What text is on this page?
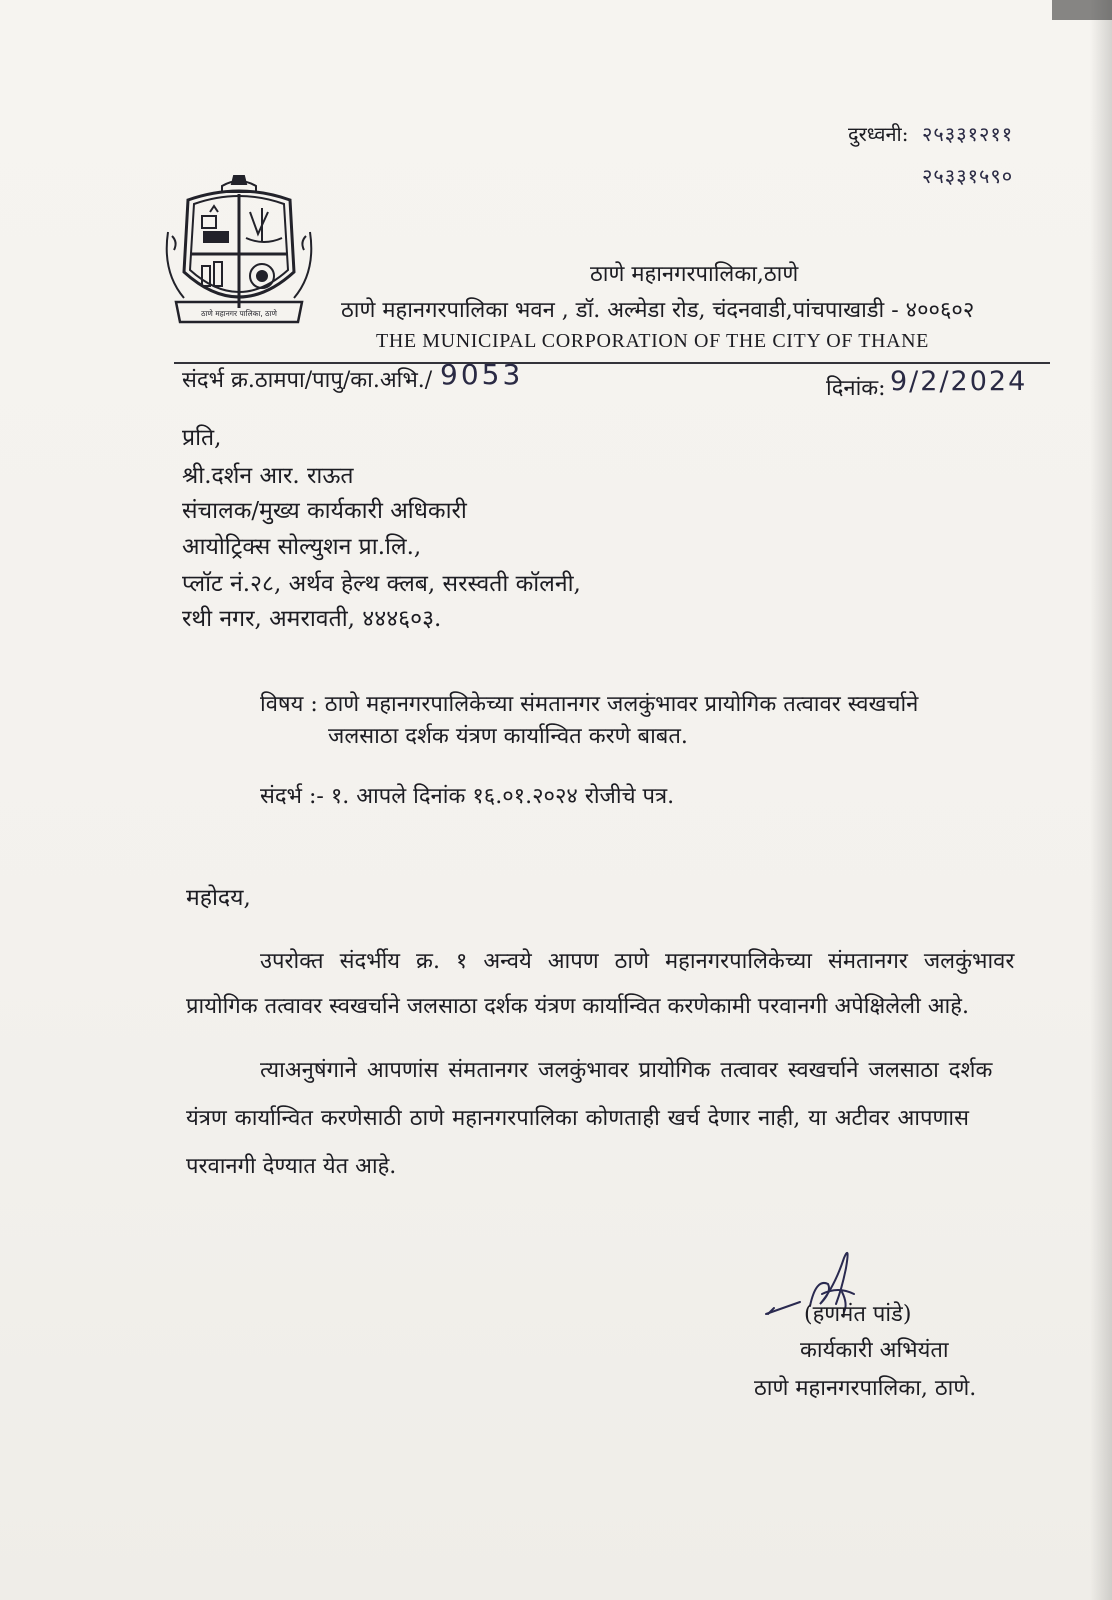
दुरध्वनी: २५३३१२११
२५३३१५९०
ठाणे महानगर पालिका, ठाणे
ठाणे महानगरपालिका,ठाणे
ठाणे महानगरपालिका भवन , डॉ. अल्मेडा रोड, चंदनवाडी,पांचपाखाडी - ४००६०२
THE MUNICIPAL CORPORATION OF THE CITY OF THANE
संदर्भ क्र.ठामपा/पापु/का.अभि./ 9053	दिनांक: 9/2/2024
प्रति,
श्री.दर्शन आर. राऊत
संचालक/मुख्य कार्यकारी अधिकारी
आयोट्रिक्स सोल्युशन प्रा.लि.,
प्लॉट नं.२८, अर्थव हेल्थ क्लब, सरस्वती कॉलनी,
रथी नगर, अमरावती, ४४४६०३.
विषय : ठाणे महानगरपालिकेच्या संमतानगर जलकुंभावर प्रायोगिक तत्वावर स्वखर्चाने
जलसाठा दर्शक यंत्रण कार्यान्वित करणे बाबत.
संदर्भ :- १. आपले दिनांक १६.०१.२०२४ रोजीचे पत्र.
महोदय,
उपरोक्त संदर्भीय क्र. १ अन्वये आपण ठाणे महानगरपालिकेच्या संमतानगर जलकुंभावर
प्रायोगिक तत्वावर स्वखर्चाने जलसाठा दर्शक यंत्रण कार्यान्वित करणेकामी परवानगी अपेक्षिलेली आहे.
त्याअनुषंगाने आपणांस संमतानगर जलकुंभावर प्रायोगिक तत्वावर स्वखर्चाने जलसाठा दर्शक
यंत्रण कार्यान्वित करणेसाठी ठाणे महानगरपालिका कोणताही खर्च देणार नाही, या अटीवर आपणास
परवानगी देण्यात येत आहे.
(हणमंत पांडे)
कार्यकारी अभियंता
ठाणे महानगरपालिका, ठाणे.
